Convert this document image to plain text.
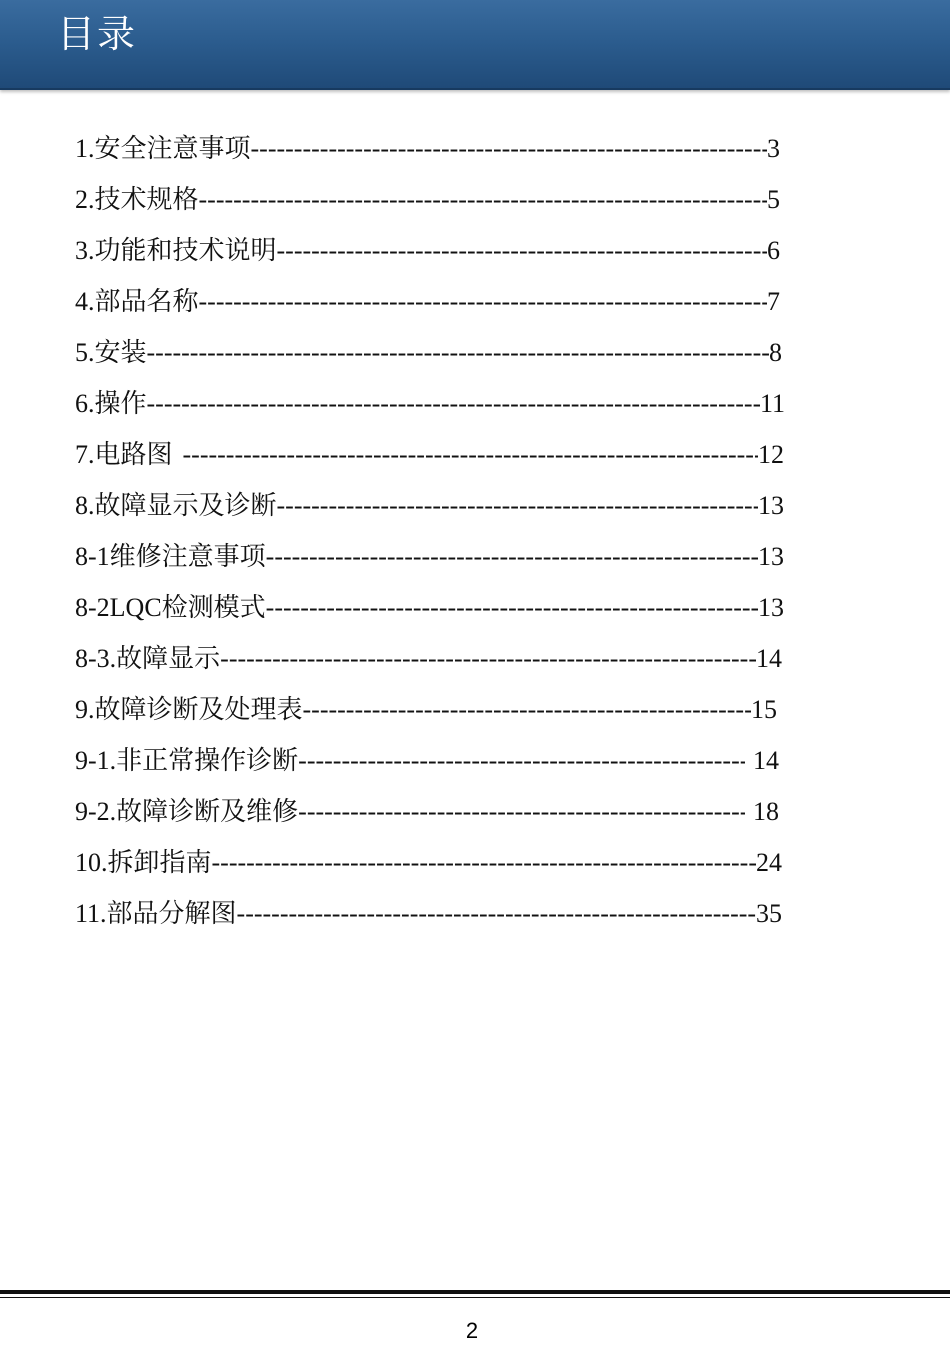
目录
1.安全注意事项 -----	3
2.技术规格 -----	5
3.功能和技术说明 -----	6
4.部品名称 -----	7
5.安装 -----	8
6.操作 -----	11
7.电路图 -----	12
8.故障显示及诊断 -----	13
8-1维修注意事项 -----	13
8-2LQC检测模式 -----	13
8-3.故障显示 -----	14
9.故障诊断及处理表 -----	15
9-1.非正常操作诊断 -----	14
9-2.故障诊断及维修 -----	18
10.拆卸指南 -----	24
11.部品分解图 -----	35
2
